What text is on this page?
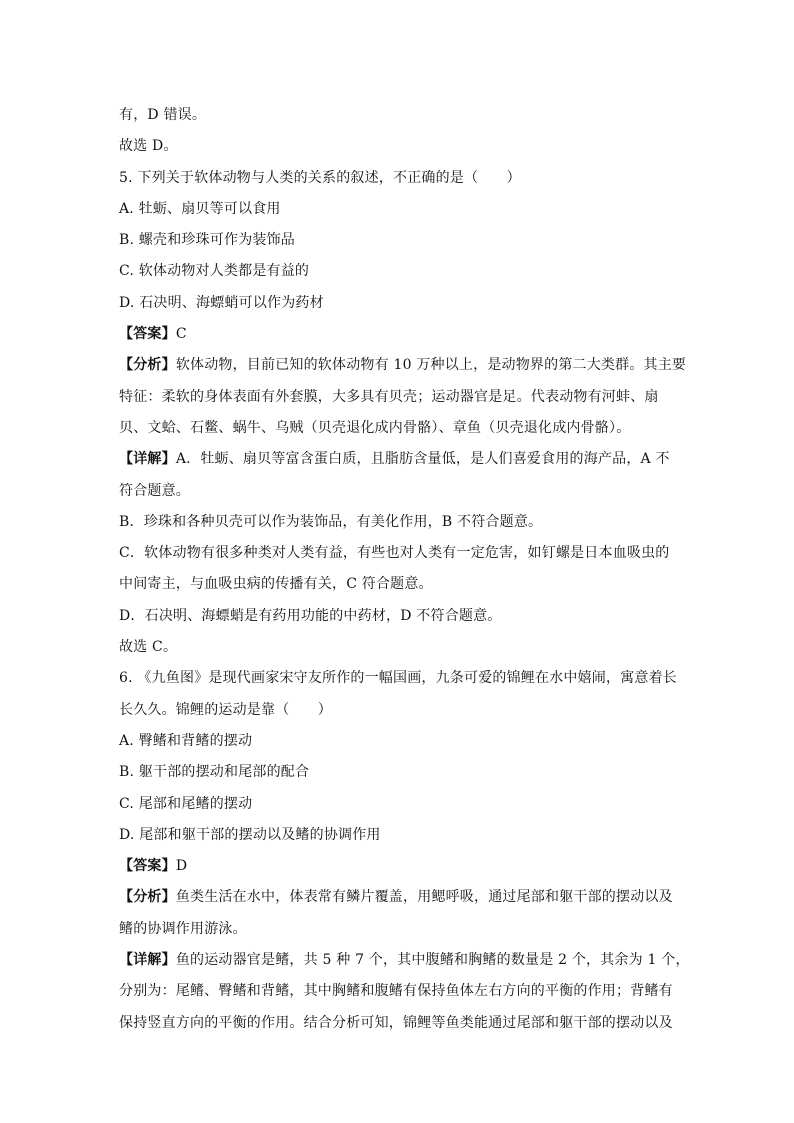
有，D 错误。
故选 D。
5. 下列关于软体动物与人类的关系的叙述，不正确的是（　　）
A. 牡蛎、扇贝等可以食用
B. 螺壳和珍珠可作为装饰品
C. 软体动物对人类都是有益的
D. 石决明、海螵蛸可以作为药材
【答案】C
【分析】软体动物，目前已知的软体动物有 10 万种以上，是动物界的第二大类群。其主要
特征：柔软的身体表面有外套膜，大多具有贝壳；运动器官是足。代表动物有河蚌、扇
贝、文蛤、石鳖、蜗牛、乌贼（贝壳退化成内骨骼）、章鱼（贝壳退化成内骨骼）。
【详解】A．牡蛎、扇贝等富含蛋白质，且脂肪含量低，是人们喜爱食用的海产品，A 不
符合题意。
B．珍珠和各种贝壳可以作为装饰品，有美化作用，B 不符合题意。
C．软体动物有很多种类对人类有益，有些也对人类有一定危害，如钉螺是日本血吸虫的
中间寄主，与血吸虫病的传播有关，C 符合题意。
D．石决明、海螵蛸是有药用功能的中药材，D 不符合题意。
故选 C。
6. 《九鱼图》是现代画家宋守友所作的一幅国画，九条可爱的锦鲤在水中嬉闹，寓意着长
长久久。锦鲤的运动是靠（　　）
A. 臀鳍和背鳍的摆动
B. 躯干部的摆动和尾部的配合
C. 尾部和尾鳍的摆动
D. 尾部和躯干部的摆动以及鳍的协调作用
【答案】D
【分析】鱼类生活在水中，体表常有鳞片覆盖，用鳃呼吸，通过尾部和躯干部的摆动以及
鳍的协调作用游泳。
【详解】鱼的运动器官是鳍，共 5 种 7 个，其中腹鳍和胸鳍的数量是 2 个，其余为 1 个，
分别为：尾鳍、臀鳍和背鳍，其中胸鳍和腹鳍有保持鱼体左右方向的平衡的作用；背鳍有
保持竖直方向的平衡的作用。结合分析可知，锦鲤等鱼类能通过尾部和躯干部的摆动以及
